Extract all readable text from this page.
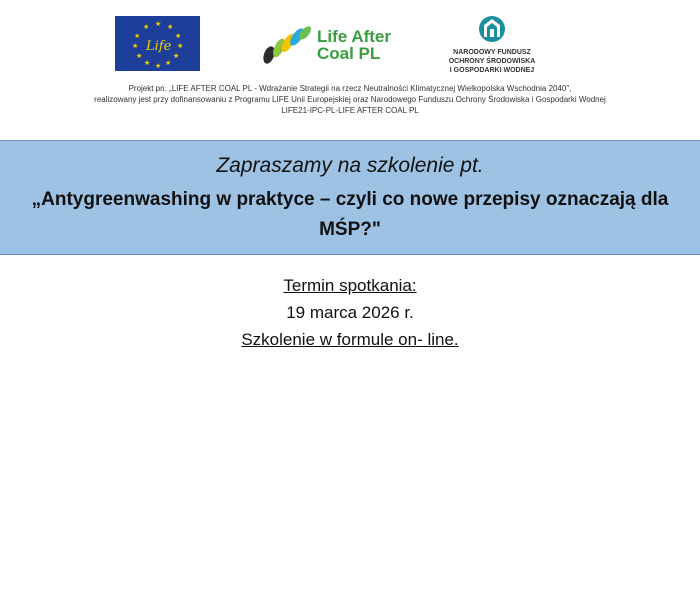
★ ★
★
★
★
★
★
★
★
★
★
★
Life
Life After
Coal PL	NARODOWY FUNDUSZ
OCHRONY ŚRODOWISKA
I GOSPODARKI WODNEJ
Projekt pn. „LIFE AFTER COAL PL - Wdrażanie Strategii na rzecz Neutralności Klimatycznej Wielkopolska Wschodnia 2040",
realizowany jest przy dofinansowaniu z Programu LIFE Unii Europejskiej oraz Narodowego Funduszu Ochrony Środowiska i Gospodarki Wodnej
LIFE21-IPC-PL-LIFE AFTER COAL PL
Zapraszamy na szkolenie pt.
„Antygreenwashing w praktyce – czyli co nowe przepisy oznaczają dla
MŚP?"
Termin spotkania:
19 marca 2026 r.
Szkolenie w formule on- line.
